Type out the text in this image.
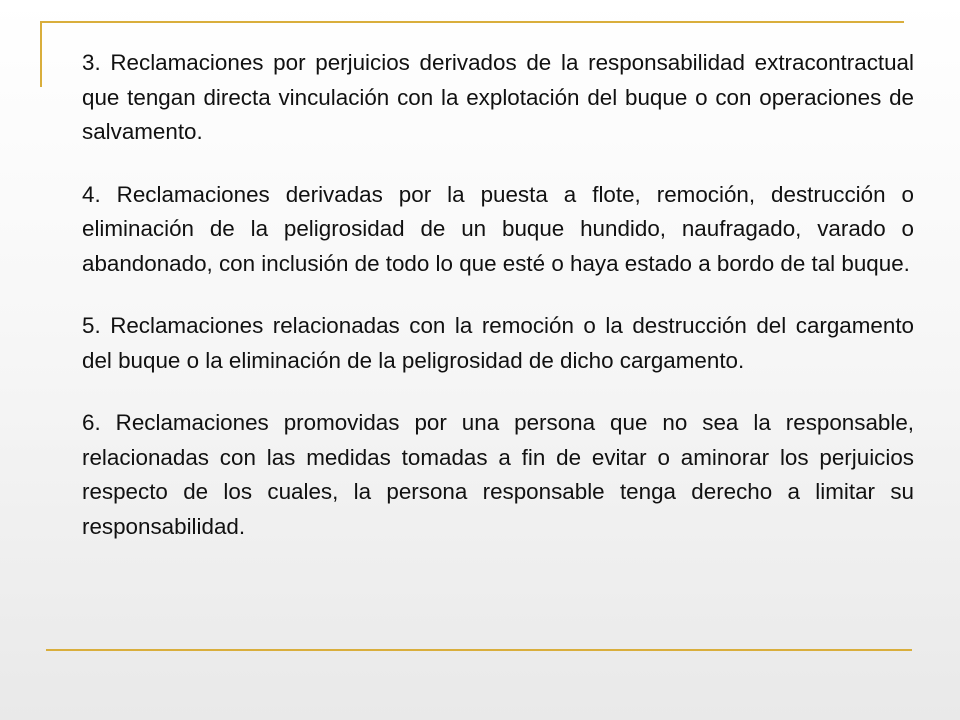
3. Reclamaciones por perjuicios derivados de la responsabilidad extracontractual que tengan directa vinculación con la explotación del buque o con operaciones de salvamento.

4. Reclamaciones derivadas por la puesta a flote, remoción, destrucción o eliminación de la peligrosidad de un buque hundido, naufragado, varado o abandonado, con inclusión de todo lo que esté o haya estado a bordo de tal buque.

5. Reclamaciones relacionadas con la remoción o la destrucción del cargamento del buque o la eliminación de la peligrosidad de dicho cargamento.

6. Reclamaciones promovidas por una persona que no sea la responsable, relacionadas con las medidas tomadas a fin de evitar o aminorar los perjuicios respecto de los cuales, la persona responsable tenga derecho a limitar su responsabilidad.
